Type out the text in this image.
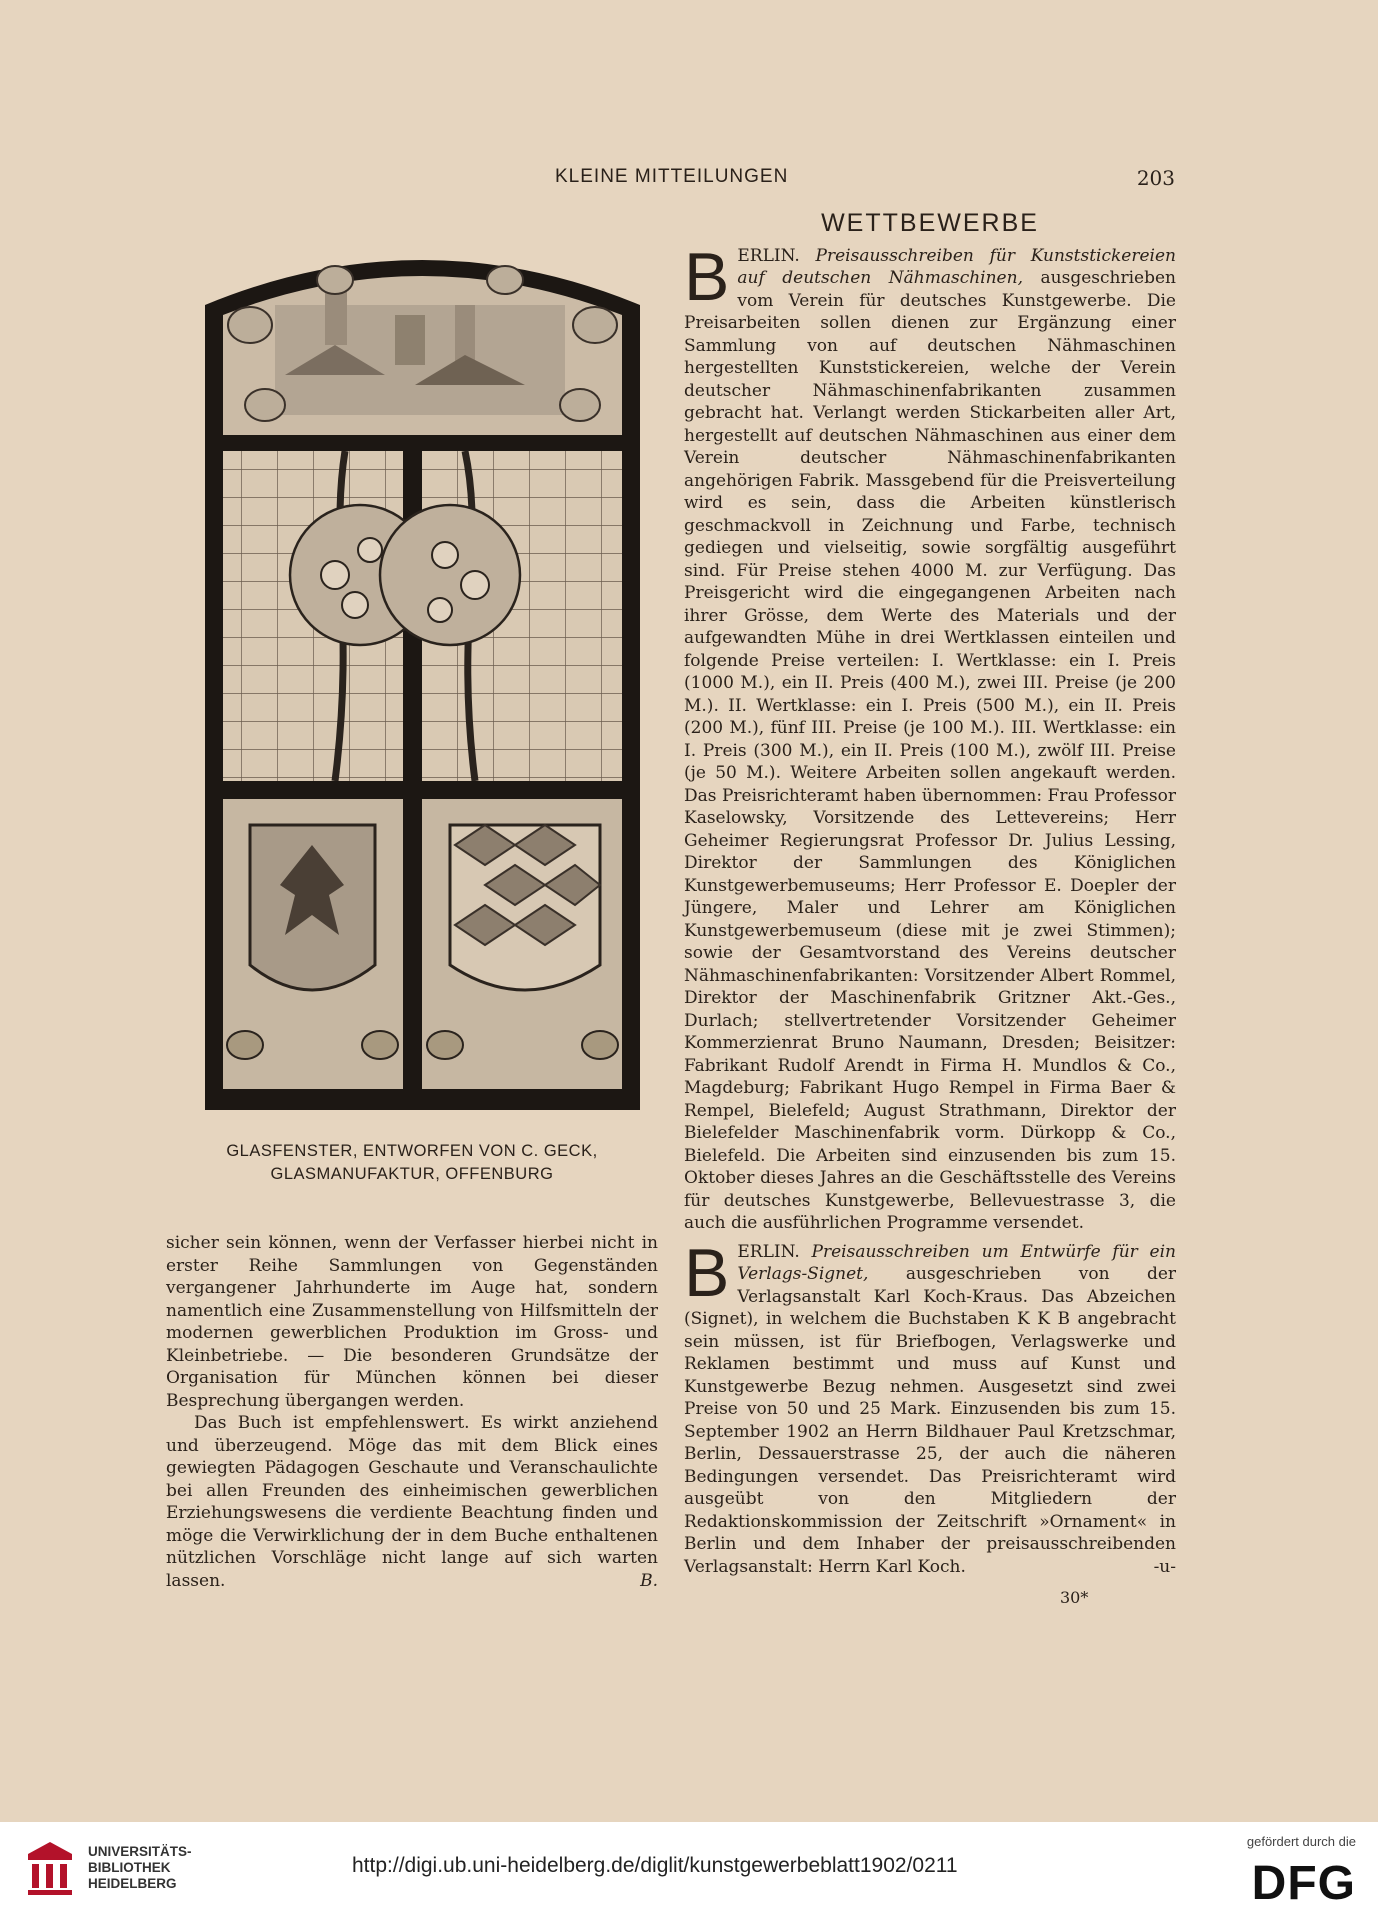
KLEINE MITTEILUNGEN	203
GLASFENSTER, ENTWORFEN VON C. GECK,
GLASMANUFAKTUR, OFFENBURG

sicher sein können, wenn der Verfasser hierbei nicht in erster Reihe Sammlungen von Gegenständen vergangener Jahrhunderte im Auge hat, sondern namentlich eine Zusammenstellung von Hilfsmitteln der modernen gewerblichen Produktion im Gross- und Kleinbetriebe. — Die besonderen Grundsätze der Organisation für München können bei dieser Besprechung übergangen werden.

Das Buch ist empfehlenswert. Es wirkt anziehend und überzeugend. Möge das mit dem Blick eines gewiegten Pädagogen Geschaute und Veranschaulichte bei allen Freunden des einheimischen gewerblichen Erziehungswesens die verdiente Beachtung finden und möge die Verwirklichung der in dem Buche enthaltenen nützlichen Vorschläge nicht lange auf sich warten lassen.	B.

WETTBEWERBE

B ERLIN. Preisausschreiben für Kunststickereien auf deutschen Nähmaschinen, ausgeschrieben vom Verein für deutsches Kunstgewerbe. Die Preisarbeiten sollen dienen zur Ergänzung einer Sammlung von auf deutschen Nähmaschinen hergestellten Kunststickereien, welche der Verein deutscher Nähmaschinenfabrikanten zusammen gebracht hat. Verlangt werden Stickarbeiten aller Art, hergestellt auf deutschen Nähmaschinen aus einer dem Verein deutscher Nähmaschinenfabrikanten angehörigen Fabrik. Massgebend für die Preisverteilung wird es sein, dass die Arbeiten künstlerisch geschmackvoll in Zeichnung und Farbe, technisch gediegen und vielseitig, sowie sorgfältig ausgeführt sind. Für Preise stehen 4000 M. zur Verfügung. Das Preisgericht wird die eingegangenen Arbeiten nach ihrer Grösse, dem Werte des Materials und der aufgewandten Mühe in drei Wertklassen einteilen und folgende Preise verteilen: I. Wertklasse: ein I. Preis (1000 M.), ein II. Preis (400 M.), zwei III. Preise (je 200 M.). II. Wertklasse: ein I. Preis (500 M.), ein II. Preis (200 M.), fünf III. Preise (je 100 M.). III. Wertklasse: ein I. Preis (300 M.), ein II. Preis (100 M.), zwölf III. Preise (je 50 M.). Weitere Arbeiten sollen angekauft werden. Das Preisrichteramt haben übernommen: Frau Professor Kaselowsky, Vorsitzende des Lettevereins; Herr Geheimer Regierungsrat Professor Dr. Julius Lessing, Direktor der Sammlungen des Königlichen Kunstgewerbemuseums; Herr Professor E. Doepler der Jüngere, Maler und Lehrer am Königlichen Kunstgewerbemuseum (diese mit je zwei Stimmen); sowie der Gesamtvorstand des Vereins deutscher Nähmaschinenfabrikanten: Vorsitzender Albert Rommel, Direktor der Maschinenfabrik Gritzner Akt.-Ges., Durlach; stellvertretender Vorsitzender Geheimer Kommerzienrat Bruno Naumann, Dresden; Beisitzer: Fabrikant Rudolf Arendt in Firma H. Mundlos & Co., Magdeburg; Fabrikant Hugo Rempel in Firma Baer & Rempel, Bielefeld; August Strathmann, Direktor der Bielefelder Maschinenfabrik vorm. Dürkopp & Co., Bielefeld. Die Arbeiten sind einzusenden bis zum 15. Oktober dieses Jahres an die Geschäftsstelle des Vereins für deutsches Kunstgewerbe, Bellevuestrasse 3, die auch die ausführlichen Programme versendet.

B ERLIN. Preisausschreiben um Entwürfe für ein Verlags-Signet, ausgeschrieben von der Verlagsanstalt Karl Koch-Kraus. Das Abzeichen (Signet), in welchem die Buchstaben K K B angebracht sein müssen, ist für Briefbogen, Verlagswerke und Reklamen bestimmt und muss auf Kunst und Kunstgewerbe Bezug nehmen. Ausgesetzt sind zwei Preise von 50 und 25 Mark. Einzusenden bis zum 15. September 1902 an Herrn Bildhauer Paul Kretzschmar, Berlin, Dessauerstrasse 25, der auch die näheren Bedingungen versendet. Das Preisrichteramt wird ausgeübt von den Mitgliedern der Redaktionskommission der Zeitschrift »Ornament« in Berlin und dem Inhaber der preisausschreibenden Verlagsanstalt: Herrn Karl Koch.	-u-

30*
UNIVERSITÄTS-
BIBLIOTHEK
HEIDELBERG
http://digi.ub.uni-heidelberg.de/diglit/kunstgewerbeblatt1902/0211
gefördert durch die
DFG
